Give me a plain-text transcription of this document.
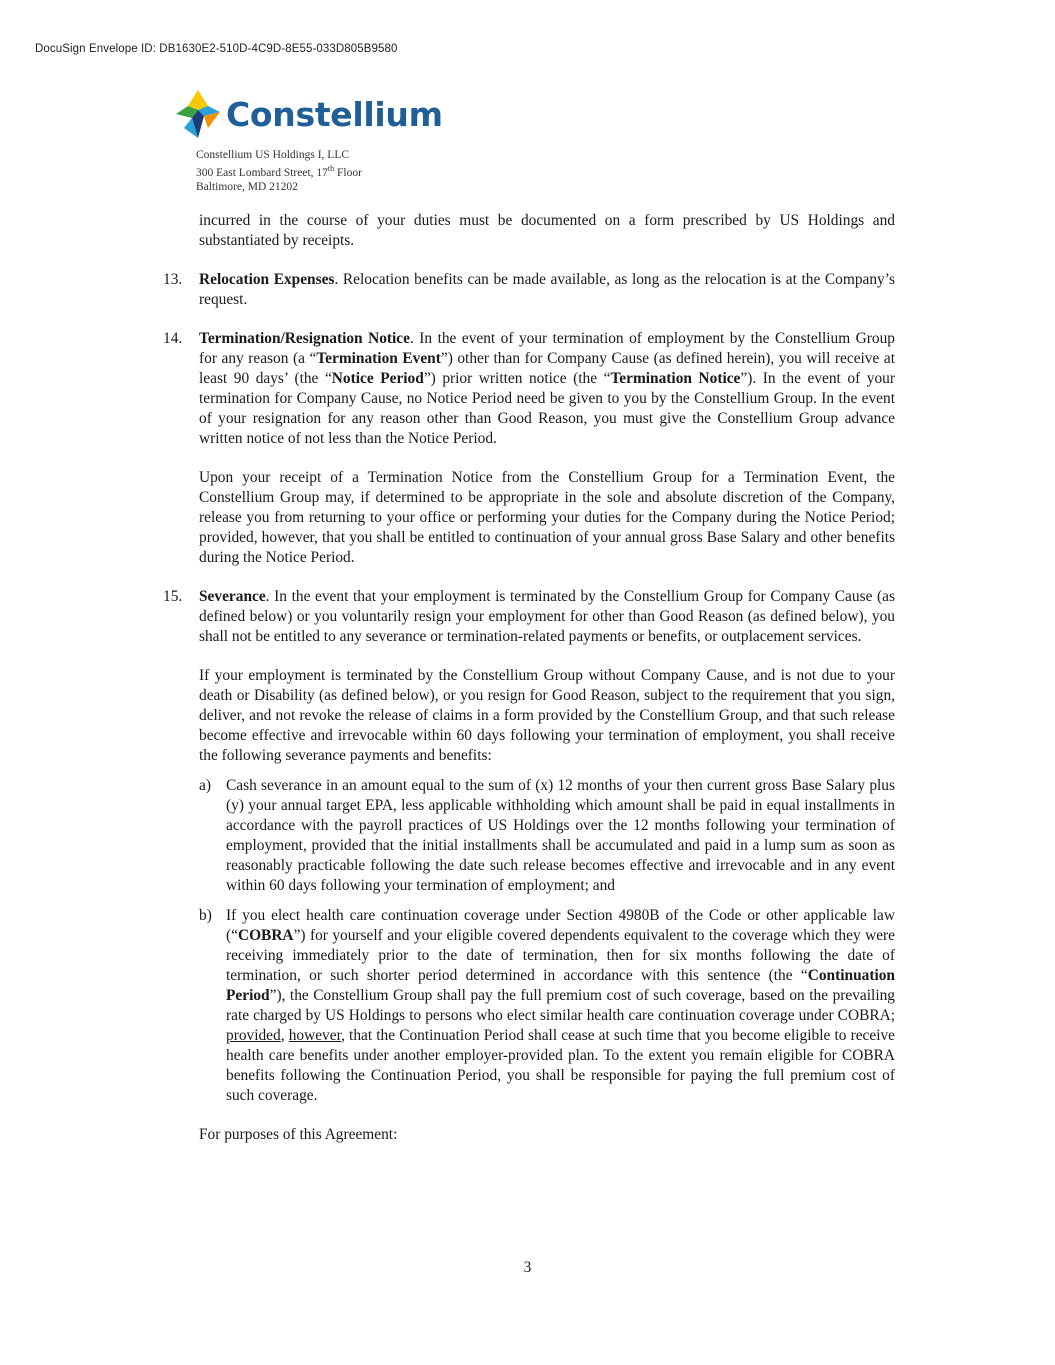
DocuSign Envelope ID: DB1630E2-510D-4C9D-8E55-033D805B9580
Constellium
Constellium US Holdings I, LLC
300 East Lombard Street, 17th Floor
Baltimore, MD 21202

incurred in the course of your duties must be documented on a form prescribed by US Holdings and substantiated by receipts.

13. Relocation Expenses. Relocation benefits can be made available, as long as the relocation is at the Company’s request.

14. Termination/Resignation Notice. In the event of your termination of employment by the Constellium Group for any reason (a “Termination Event”) other than for Company Cause (as defined herein), you will receive at least 90 days’ (the “Notice Period”) prior written notice (the “Termination Notice”). In the event of your termination for Company Cause, no Notice Period need be given to you by the Constellium Group. In the event of your resignation for any reason other than Good Reason, you must give the Constellium Group advance written notice of not less than the Notice Period.

Upon your receipt of a Termination Notice from the Constellium Group for a Termination Event, the Constellium Group may, if determined to be appropriate in the sole and absolute discretion of the Company, release you from returning to your office or performing your duties for the Company during the Notice Period; provided, however, that you shall be entitled to continuation of your annual gross Base Salary and other benefits during the Notice Period.

15. Severance. In the event that your employment is terminated by the Constellium Group for Company Cause (as defined below) or you voluntarily resign your employment for other than Good Reason (as defined below), you shall not be entitled to any severance or termination-related payments or benefits, or outplacement services.

If your employment is terminated by the Constellium Group without Company Cause, and is not due to your death or Disability (as defined below), or you resign for Good Reason, subject to the requirement that you sign, deliver, and not revoke the release of claims in a form provided by the Constellium Group, and that such release become effective and irrevocable within 60 days following your termination of employment, you shall receive the following severance payments and benefits:

a) Cash severance in an amount equal to the sum of (x) 12 months of your then current gross Base Salary plus (y) your annual target EPA, less applicable withholding which amount shall be paid in equal installments in accordance with the payroll practices of US Holdings over the 12 months following your termination of employment, provided that the initial installments shall be accumulated and paid in a lump sum as soon as reasonably practicable following the date such release becomes effective and irrevocable and in any event within 60 days following your termination of employment; and

b) If you elect health care continuation coverage under Section 4980B of the Code or other applicable law (“COBRA”) for yourself and your eligible covered dependents equivalent to the coverage which they were receiving immediately prior to the date of termination, then for six months following the date of termination, or such shorter period determined in accordance with this sentence (the “Continuation Period”), the Constellium Group shall pay the full premium cost of such coverage, based on the prevailing rate charged by US Holdings to persons who elect similar health care continuation coverage under COBRA; provided, however, that the Continuation Period shall cease at such time that you become eligible to receive health care benefits under another employer-provided plan. To the extent you remain eligible for COBRA benefits following the Continuation Period, you shall be responsible for paying the full premium cost of such coverage.

For purposes of this Agreement:

3
